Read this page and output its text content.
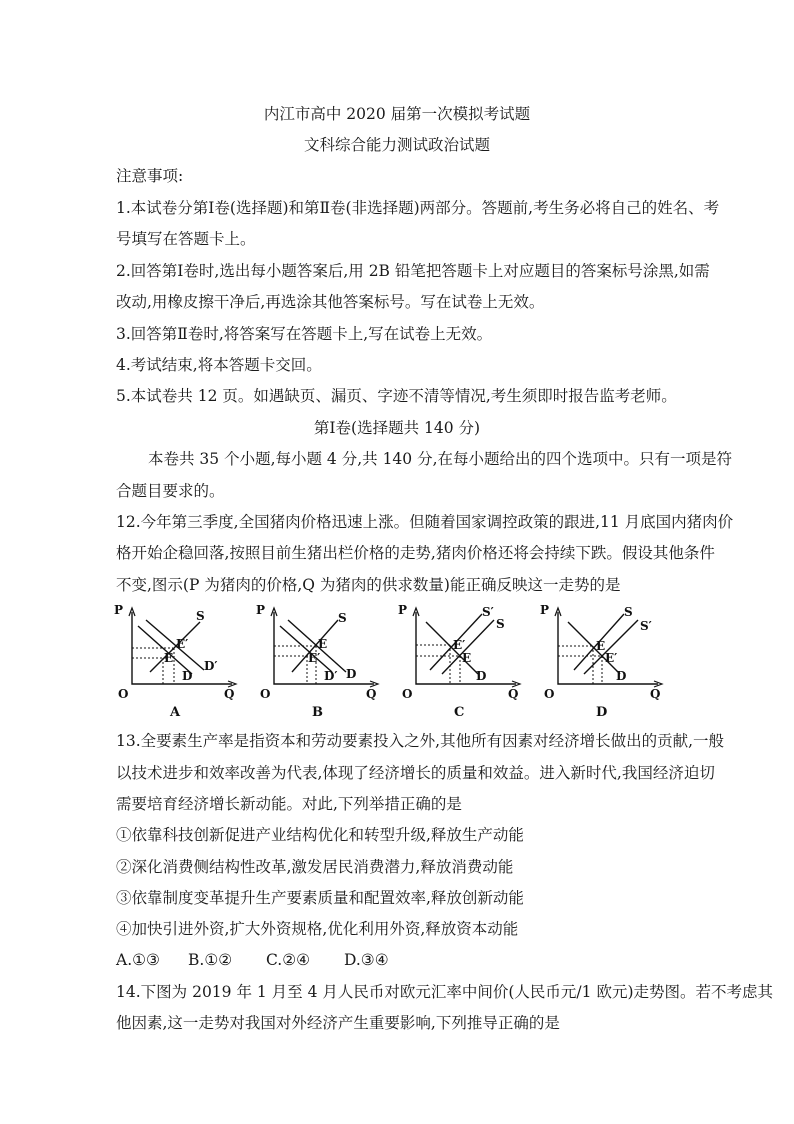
内江市高中 2020 届第一次模拟考试题
文科综合能力测试政治试题
注意事项:
1.本试卷分第Ⅰ卷(选择题)和第Ⅱ卷(非选择题)两部分。答题前,考生务必将自己的姓名、考
号填写在答题卡上。
2.回答第Ⅰ卷时,选出每小题答案后,用 2B 铅笔把答题卡上对应题目的答案标号涂黑,如需
改动,用橡皮擦干净后,再选涂其他答案标号。写在试卷上无效。
3.回答第Ⅱ卷时,将答案写在答题卡上,写在试卷上无效。
4.考试结束,将本答题卡交回。
5.本试卷共 12 页。如遇缺页、漏页、字迹不清等情况,考生须即时报告监考老师。
第Ⅰ卷(选择题共 140 分)
本卷共 35 个小题,每小题 4 分,共 140 分,在每小题给出的四个选项中。只有一项是符
合题目要求的。
12.今年第三季度,全国猪肉价格迅速上涨。但随着国家调控政策的跟进,11 月底国内猪肉价
格开始企稳回落,按照目前生猪出栏价格的走势,猪肉价格还将会持续下跌。假设其他条件
不变,图示(P 为猪肉的价格,Q 为猪肉的供求数量)能正确反映这一走势的是
P
Q
O
S
E′
E
D
D′
A
P
Q
O
S
E
E′
D′ D
B
P
Q
O
S′
S
E′
E
D
C
P
Q
O
S
S′
E
E′
D
D
13.全要素生产率是指资本和劳动要素投入之外,其他所有因素对经济增长做出的贡献,一般
以技术进步和效率改善为代表,体现了经济增长的质量和效益。进入新时代,我国经济迫切
需要培育经济增长新动能。对此,下列举措正确的是
①依靠科技创新促进产业结构优化和转型升级,释放生产动能
②深化消费侧结构性改革,激发居民消费潜力,释放消费动能
③依靠制度变革提升生产要素质量和配置效率,释放创新动能
④加快引进外资,扩大外资规格,优化利用外资,释放资本动能
A.①③	B.①②	C.②④	D.③④
14.下图为 2019 年 1 月至 4 月人民币对欧元汇率中间价(人民币元/1 欧元)走势图。若不考虑其
他因素,这一走势对我国对外经济产生重要影响,下列推导正确的是
